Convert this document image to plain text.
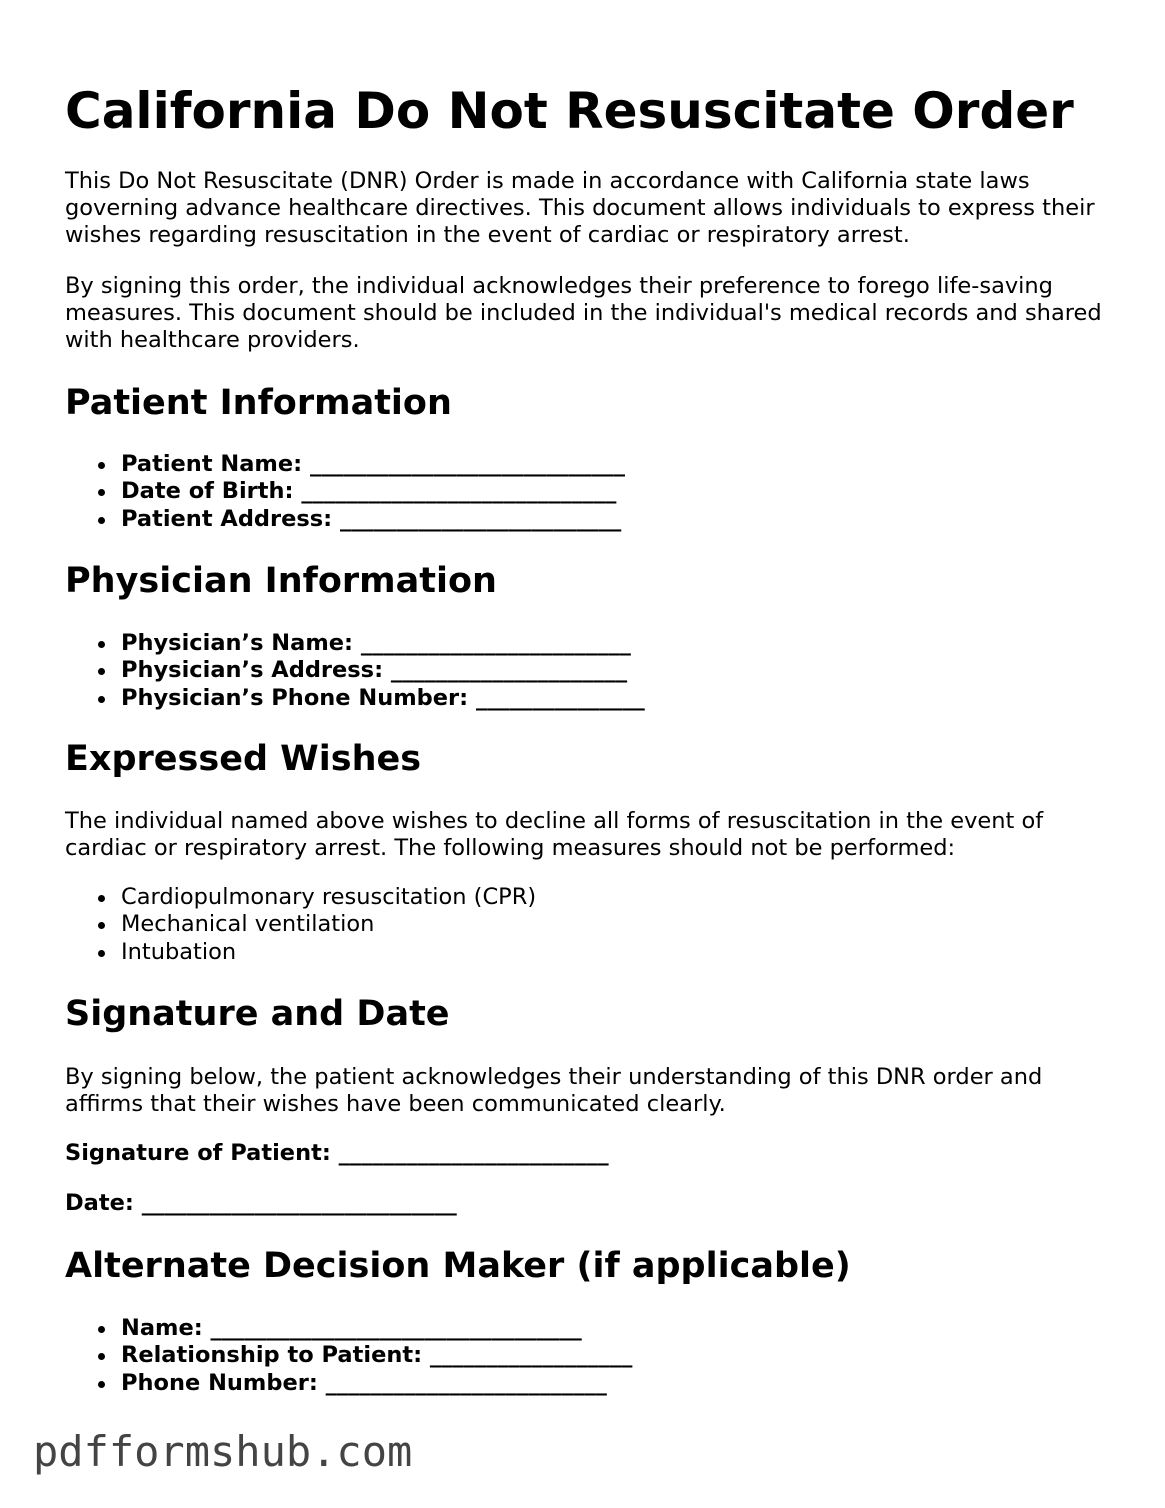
California Do Not Resuscitate Order

This Do Not Resuscitate (DNR) Order is made in accordance with California state laws governing advance healthcare directives. This document allows individuals to express their wishes regarding resuscitation in the event of cardiac or respiratory arrest.

By signing this order, the individual acknowledges their preference to forego life-saving measures. This document should be included in the individual's medical records and shared with healthcare providers.

Patient Information
Patient Name: ____________________________
Date of Birth: ____________________________
Patient Address: _________________________
Physician Information
Physician’s Name: ________________________
Physician’s Address: _____________________
Physician’s Phone Number: _______________
Expressed Wishes

The individual named above wishes to decline all forms of resuscitation in the event of cardiac or respiratory arrest. The following measures should not be performed:

Cardiopulmonary resuscitation (CPR)
Mechanical ventilation
Intubation
Signature and Date

By signing below, the patient acknowledges their understanding of this DNR order and affirms that their wishes have been communicated clearly.

Signature of Patient: ________________________
Date: ____________________________
Alternate Decision Maker (if applicable)
Name: _________________________________
Relationship to Patient: __________________
Phone Number: _________________________
pdfformshub.com
